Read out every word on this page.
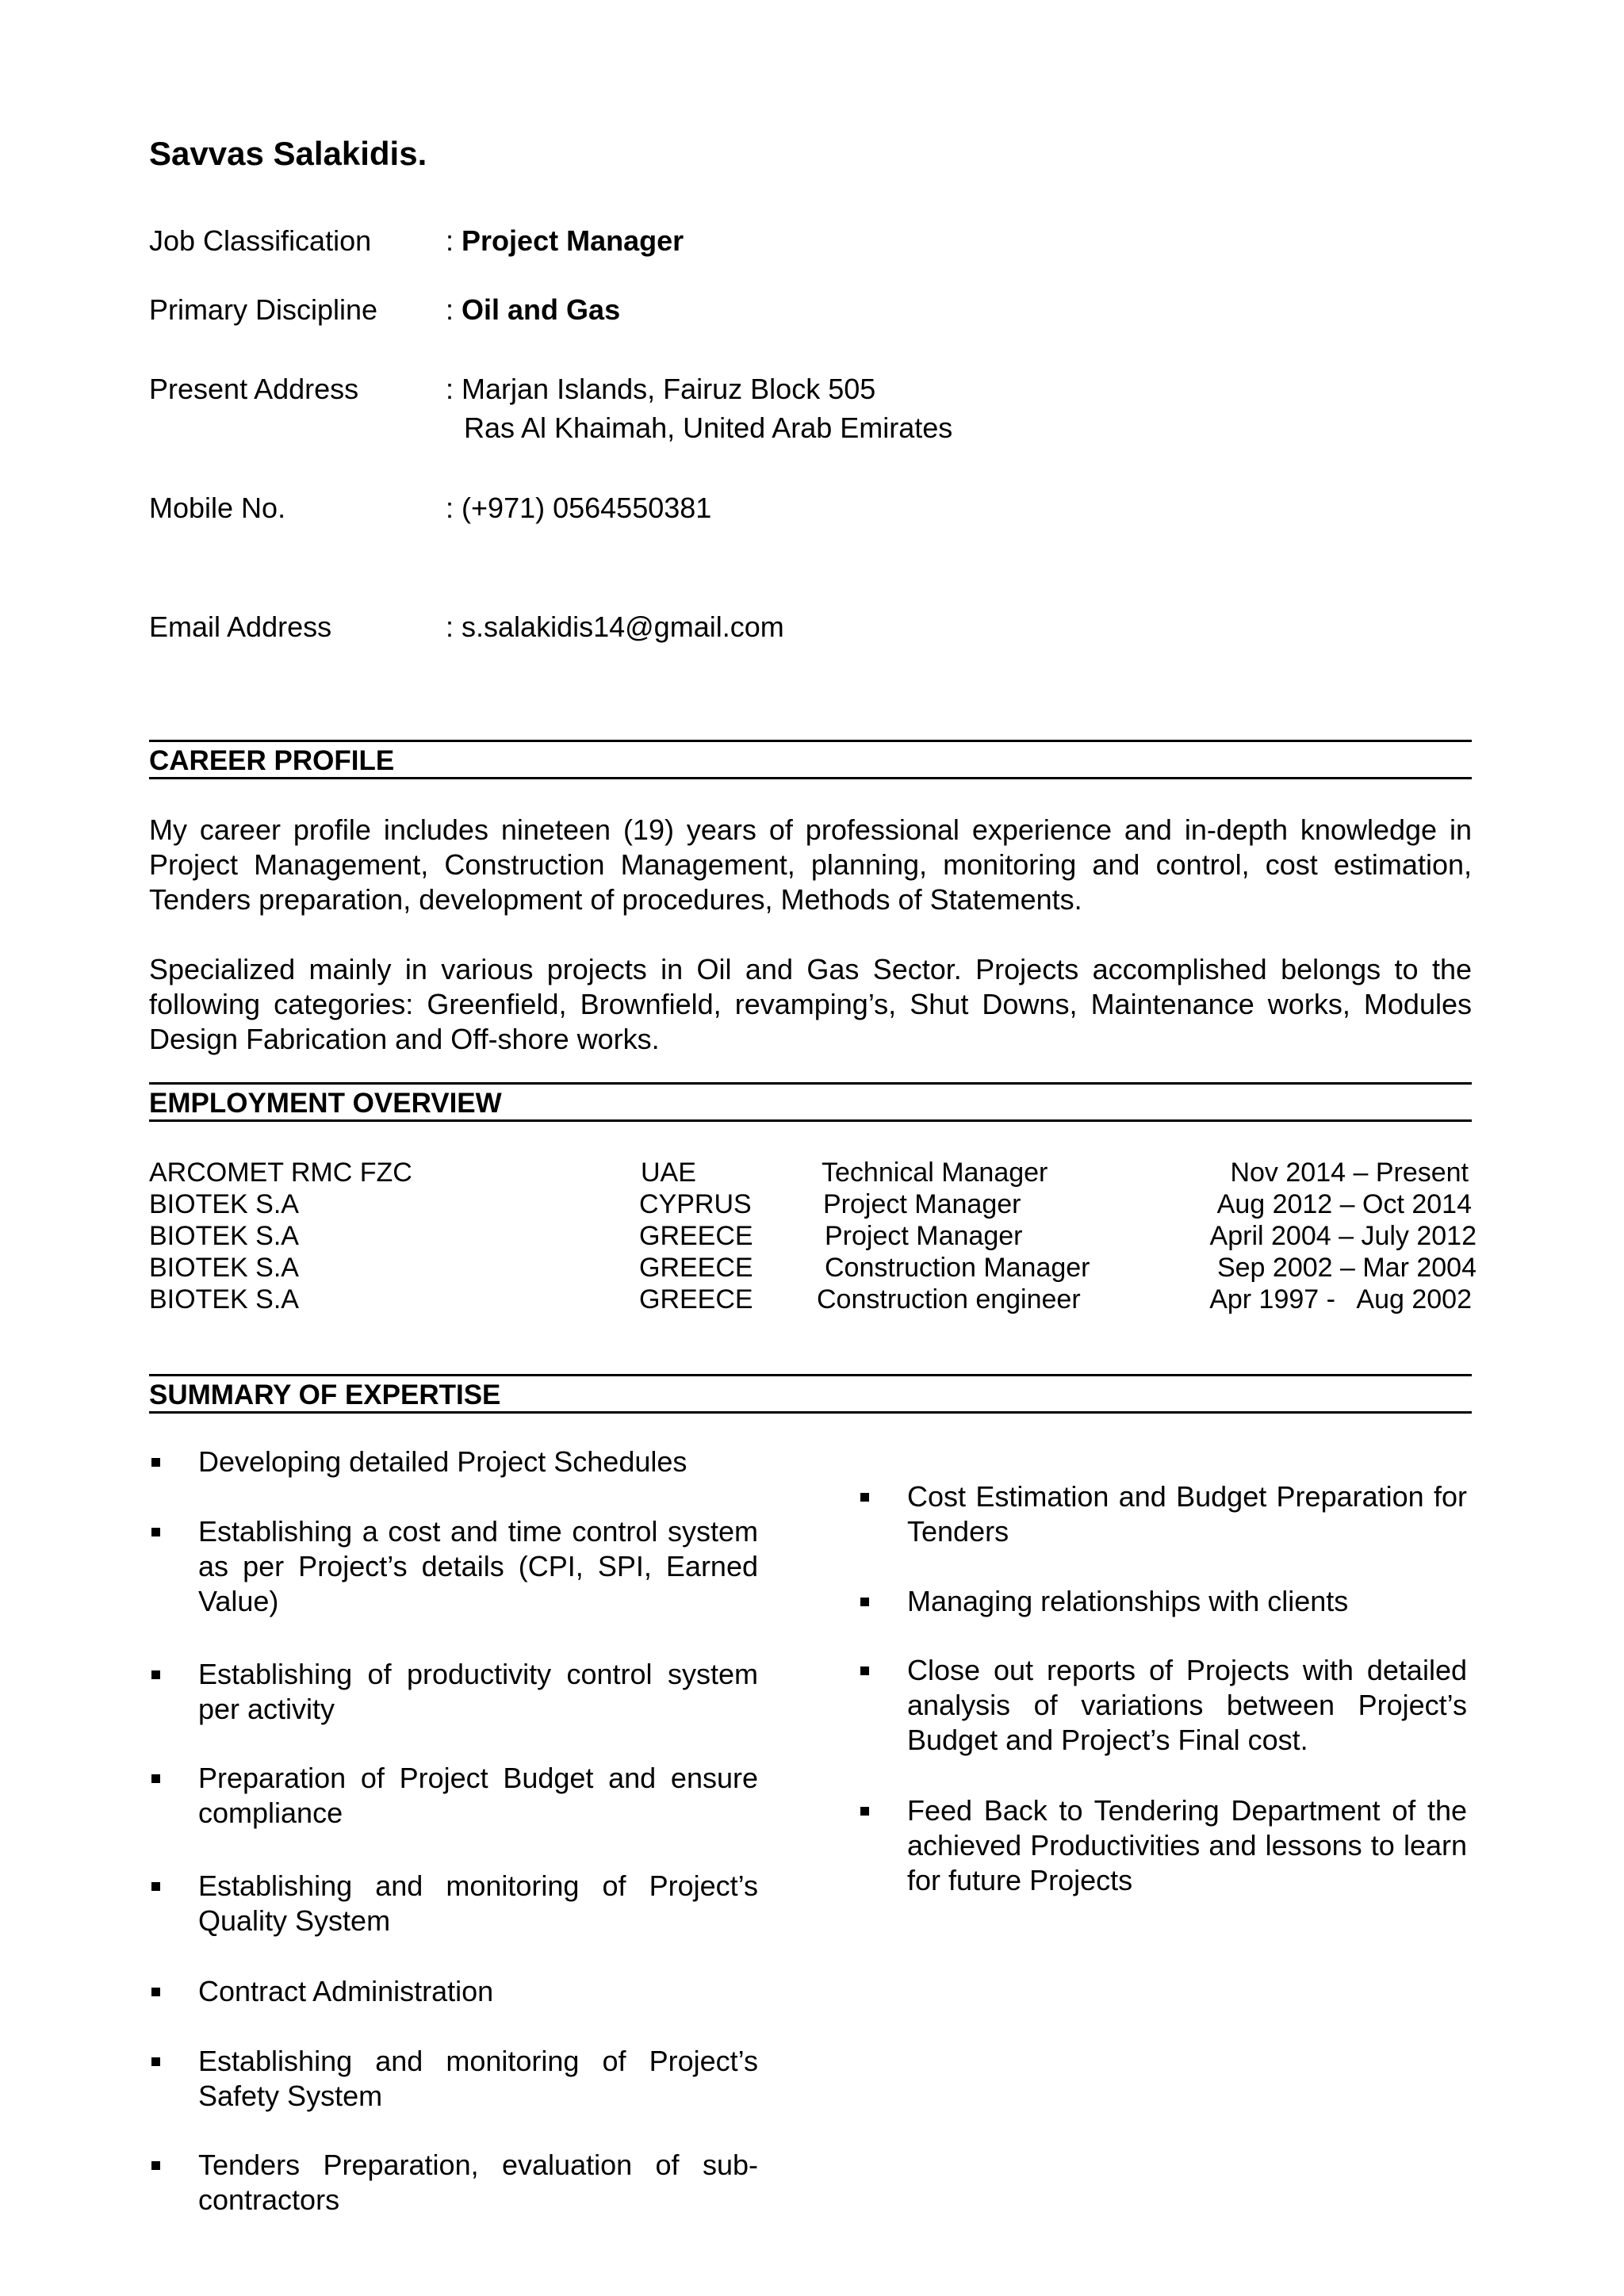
Savvas Salakidis.
Job Classification	: Project Manager
Primary Discipline : Oil and Gas
Present Address	: Marjan Islands, Fairuz Block 505
Ras Al Khaimah, United Arab Emirates
Mobile No.	: (+971) 0564550381
Email Address	: s.salakidis14@gmail.com
CAREER PROFILE
My career profile includes nineteen (19) years of professional experience and in-depth knowledge in Project Management, Construction Management, planning, monitoring and control, cost estimation, Tenders preparation, development of procedures, Methods of Statements.
Specialized mainly in various projects in Oil and Gas Sector. Projects accomplished belongs to the following categories: Greenfield, Brownfield, revamping’s, Shut Downs, Maintenance works, Modules Design Fabrication and Off-shore works.
EMPLOYMENT OVERVIEW
ARCOMET RMC FZC	UAE	Technical Manager	Nov 2014 – Present
BIOTEK S.A	CYPRUS	Project Manager	Aug 2012 – Oct 2014
BIOTEK S.A	GREECE	Project Manager	April 2004 – July 2012
BIOTEK S.A	GREECE	Construction Manager	Sep 2002 – Mar 2004
BIOTEK S.A	GREECE Construction engineer	Apr 1997 -   Aug 2002
SUMMARY OF EXPERTISE
Developing detailed Project Schedules
Establishing a cost and time control system as per Project’s details (CPI, SPI, Earned Value)
Establishing of productivity control system per activity
Preparation of Project Budget and ensure compliance
Establishing and monitoring of Project’s Quality System
Contract Administration
Establishing and monitoring of Project’s Safety System
Tenders Preparation, evaluation of sub-contractors
Cost Estimation and Budget Preparation for Tenders
Managing relationships with clients
Close out reports of Projects with detailed analysis of variations between Project’s Budget and Project’s Final cost.
Feed Back to Tendering Department of the achieved Productivities and lessons to learn for future Projects
